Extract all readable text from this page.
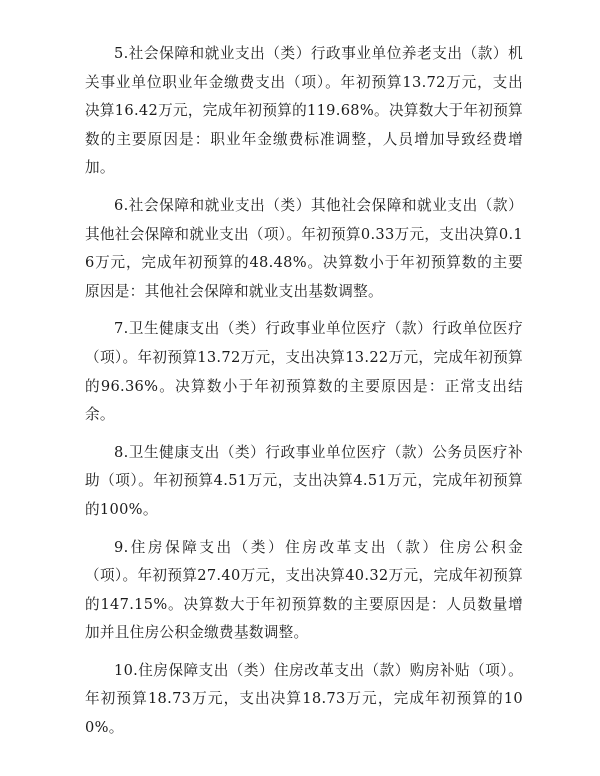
5.社会保障和就业支出（类）行政事业单位养老支出（款）机关事业单位职业年金缴费支出（项）。年初预算13.72万元，支出决算16.42万元，完成年初预算的119.68%。决算数大于年初预算数的主要原因是：职业年金缴费标准调整，人员增加导致经费增加。

6.社会保障和就业支出（类）其他社会保障和就业支出（款）其他社会保障和就业支出（项）。年初预算0.33万元，支出决算0.16万元，完成年初预算的48.48%。决算数小于年初预算数的主要原因是：其他社会保障和就业支出基数调整。

7.卫生健康支出（类）行政事业单位医疗（款）行政单位医疗（项）。年初预算13.72万元，支出决算13.22万元，完成年初预算的96.36%。决算数小于年初预算数的主要原因是：正常支出结余。

8.卫生健康支出（类）行政事业单位医疗（款）公务员医疗补助（项）。年初预算4.51万元，支出决算4.51万元，完成年初预算的100%。

9.住房保障支出（类）住房改革支出（款）住房公积金（项）。年初预算27.40万元，支出决算40.32万元，完成年初预算的147.15%。决算数大于年初预算数的主要原因是：人员数量增加并且住房公积金缴费基数调整。

10.住房保障支出（类）住房改革支出（款）购房补贴（项）。年初预算18.73万元，支出决算18.73万元，完成年初预算的100%。
